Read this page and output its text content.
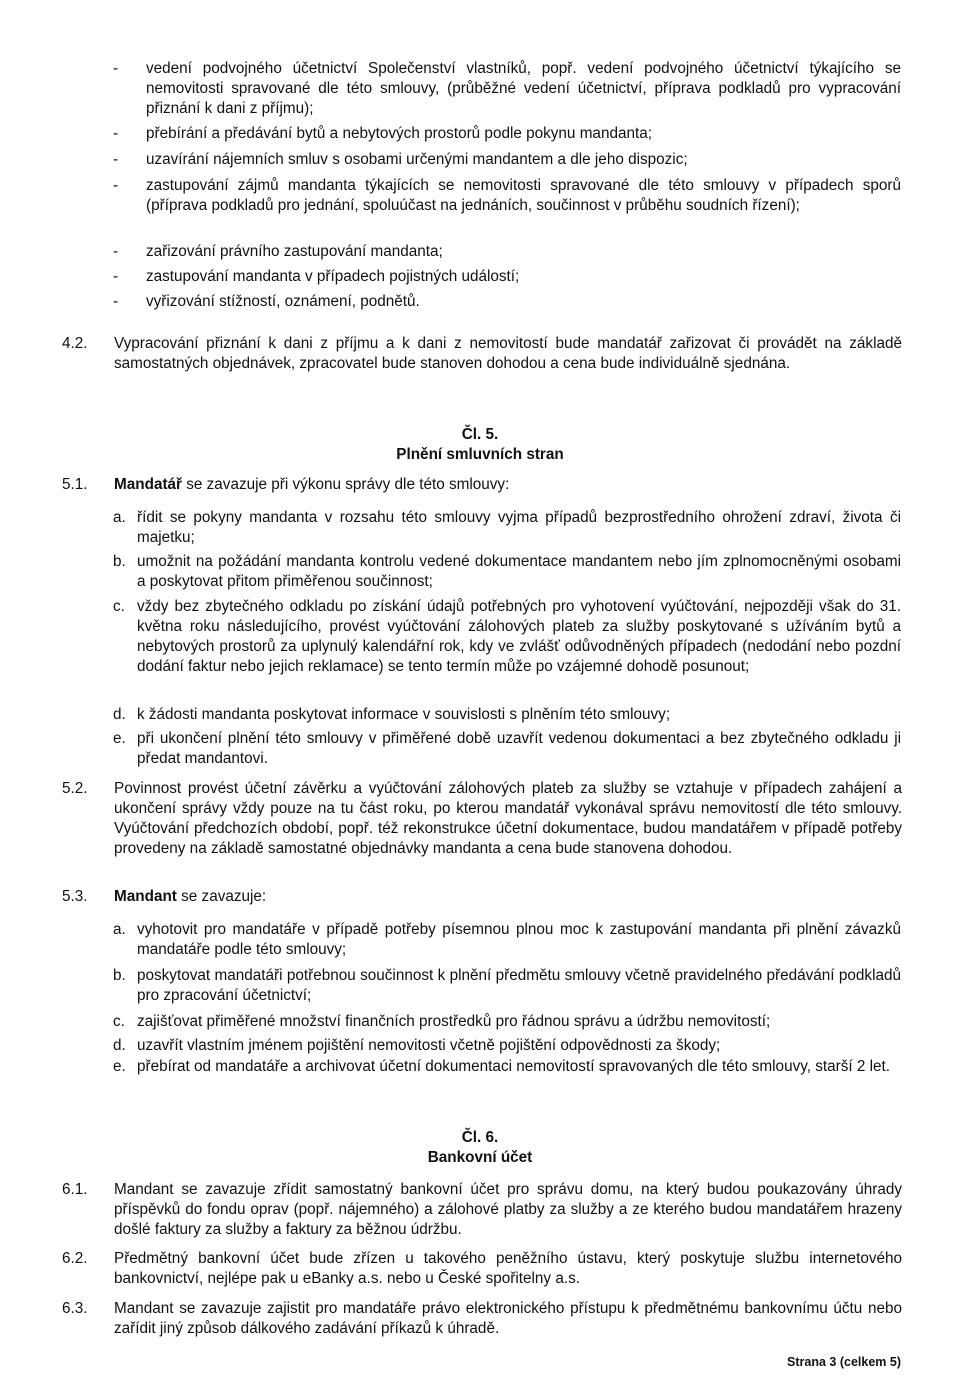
- vedení podvojného účetnictví Společenství vlastníků, popř. vedení podvojného účetnictví týkajícího se nemovitosti spravované dle této smlouvy, (průběžné vedení účetnictví, příprava podkladů pro vypracování přiznání k dani z příjmu);
- přebírání a předávání bytů a nebytových prostorů podle pokynu mandanta;
- uzavírání nájemních smluv s osobami určenými mandantem a dle jeho dispozic;
- zastupování zájmů mandanta týkajících se nemovitosti spravované dle této smlouvy v případech sporů (příprava podkladů pro jednání, spoluúčast na jednáních, součinnost v průběhu soudních řízení);
- zařizování právního zastupování mandanta;
- zastupování mandanta v případech pojistných událostí;
- vyřizování stížností, oznámení, podnětů.
4.2. Vypracování přiznání k dani z příjmu a k dani z nemovitostí bude mandatář zařizovat či provádět na základě samostatných objednávek, zpracovatel bude stanoven dohodou a cena bude individuálně sjednána.
Čl. 5.
Plnění smluvních stran
5.1. Mandatář se zavazuje při výkonu správy dle této smlouvy:
a. řídit se pokyny mandanta v rozsahu této smlouvy vyjma případů bezprostředního ohrožení zdraví, života či majetku;
b. umožnit na požádání mandanta kontrolu vedené dokumentace mandantem nebo jím zplnomocněnými osobami a poskytovat přitom přiměřenou součinnost;
c. vždy bez zbytečného odkladu po získání údajů potřebných pro vyhotovení vyúčtování, nejpozději však do 31. května roku následujícího, provést vyúčtování zálohových plateb za služby poskytované s užíváním bytů a nebytových prostorů za uplynulý kalendářní rok, kdy ve zvlášť odůvodněných případech (nedodání nebo pozdní dodání faktur nebo jejich reklamace) se tento termín může po vzájemné dohodě posunout;
d. k žádosti mandanta poskytovat informace v souvislosti s plněním této smlouvy;
e. při ukončení plnění této smlouvy v přiměřené době uzavřít vedenou dokumentaci a bez zbytečného odkladu ji předat mandantovi.
5.2. Povinnost provést účetní závěrku a vyúčtování zálohových plateb za služby se vztahuje v případech zahájení a ukončení správy vždy pouze na tu část roku, po kterou mandatář vykonával správu nemovitostí dle této smlouvy. Vyúčtování předchozích období, popř. též rekonstrukce účetní dokumentace, budou mandatářem v případě potřeby provedeny na základě samostatné objednávky mandanta a cena bude stanovena dohodou.
5.3. Mandant se zavazuje:
a. vyhotovit pro mandatáře v případě potřeby písemnou plnou moc k zastupování mandanta při plnění závazků mandatáře podle této smlouvy;
b. poskytovat mandatáři potřebnou součinnost k plnění předmětu smlouvy včetně pravidelného předávání podkladů pro zpracování účetnictví;
c. zajišťovat přiměřené množství finančních prostředků pro řádnou správu a údržbu nemovitostí;
d. uzavřít vlastním jménem pojištění nemovitosti včetně pojištění odpovědnosti za škody;
e. přebírat od mandatáře a archivovat účetní dokumentaci nemovitostí spravovaných dle této smlouvy, starší 2 let.
Čl. 6.
Bankovní účet
6.1. Mandant se zavazuje zřídit samostatný bankovní účet pro správu domu, na který budou poukazovány úhrady příspěvků do fondu oprav (popř. nájemného) a zálohové platby za služby a ze kterého budou mandatářem hrazeny došlé faktury za služby a faktury za běžnou údržbu.
6.2. Předmětný bankovní účet bude zřízen u takového peněžního ústavu, který poskytuje službu internetového bankovnictví, nejlépe pak u eBanky a.s. nebo u České spořitelny a.s.
6.3. Mandant se zavazuje zajistit pro mandatáře právo elektronického přístupu k předmětnému bankovnímu účtu nebo zařídit jiný způsob dálkového zadávání příkazů k úhradě.
Strana 3 (celkem 5)
